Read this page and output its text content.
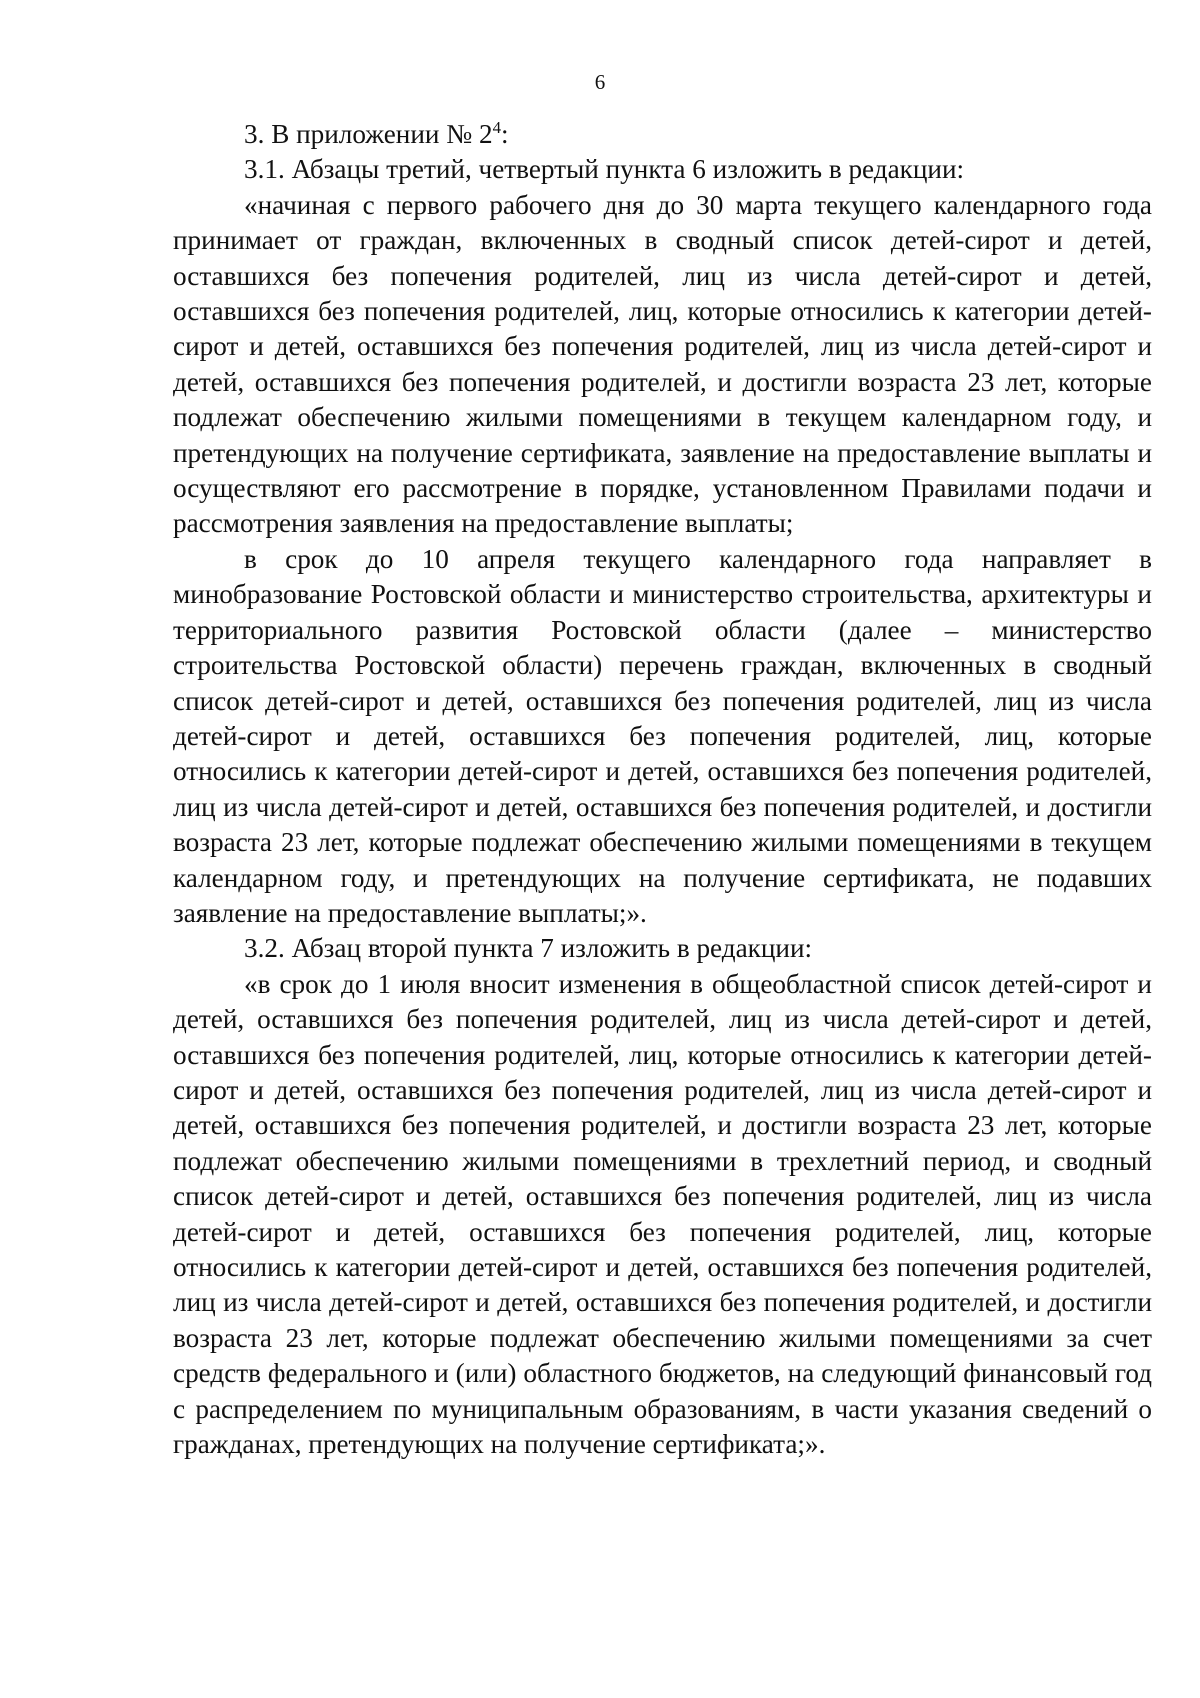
6

3. В приложении № $2^4$:

3.1. Абзацы третий, четвертый пункта 6 изложить в редакции:

«начиная с первого рабочего дня до 30 марта текущего календарного года принимает от граждан, включенных в сводный список детей-сирот и детей, оставшихся без попечения родителей, лиц из числа детей-сирот и детей, оставшихся без попечения родителей, лиц, которые относились к категории детей-сирот и детей, оставшихся без попечения родителей, лиц из числа детей-сирот и детей, оставшихся без попечения родителей, и достигли возраста 23 лет, которые подлежат обеспечению жилыми помещениями в текущем календарном году, и претендующих на получение сертификата, заявление на предоставление выплаты и осуществляют его рассмотрение в порядке, установленном Правилами подачи и рассмотрения заявления на предоставление выплаты;

в срок до 10 апреля текущего календарного года направляет в минобразование Ростовской области и министерство строительства, архитектуры и территориального развития Ростовской области (далее – министерство строительства Ростовской области) перечень граждан, включенных в сводный список детей-сирот и детей, оставшихся без попечения родителей, лиц из числа детей-сирот и детей, оставшихся без попечения родителей, лиц, которые относились к категории детей-сирот и детей, оставшихся без попечения родителей, лиц из числа детей-сирот и детей, оставшихся без попечения родителей, и достигли возраста 23 лет, которые подлежат обеспечению жилыми помещениями в текущем календарном году, и претендующих на получение сертификата, не подавших заявление на предоставление выплаты;».

3.2. Абзац второй пункта 7 изложить в редакции:

«в срок до 1 июля вносит изменения в общеобластной список детей-сирот и детей, оставшихся без попечения родителей, лиц из числа детей-сирот и детей, оставшихся без попечения родителей, лиц, которые относились к категории детей-сирот и детей, оставшихся без попечения родителей, лиц из числа детей-сирот и детей, оставшихся без попечения родителей, и достигли возраста 23 лет, которые подлежат обеспечению жилыми помещениями в трехлетний период, и сводный список детей-сирот и детей, оставшихся без попечения родителей, лиц из числа детей-сирот и детей, оставшихся без попечения родителей, лиц, которые относились к категории детей-сирот и детей, оставшихся без попечения родителей, лиц из числа детей-сирот и детей, оставшихся без попечения родителей, и достигли возраста 23 лет, которые подлежат обеспечению жилыми помещениями за счет средств федерального и (или) областного бюджетов, на следующий финансовый год с распределением по муниципальным образованиям, в части указания сведений о гражданах, претендующих на получение сертификата;».
